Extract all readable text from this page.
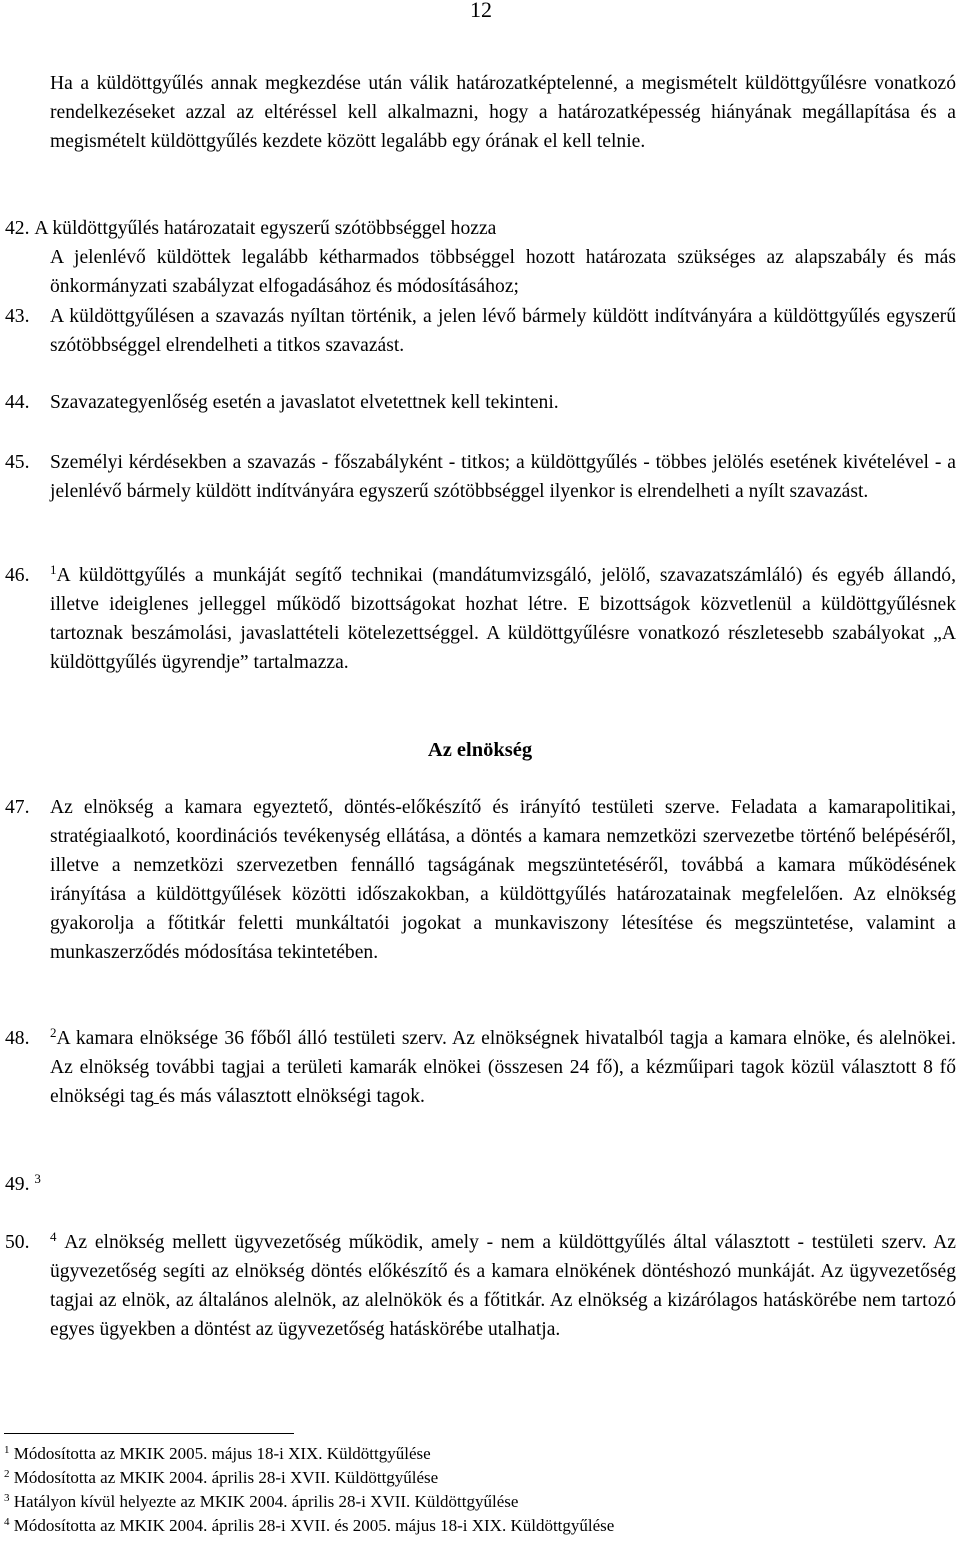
12
Ha a küldöttgyűlés annak megkezdése után válik határozatképtelenné, a megismételt küldöttgyűlésre vonatkozó rendelkezéseket azzal az eltéréssel kell alkalmazni, hogy a határozatképesség hiányának megállapítása és a megismételt küldöttgyűlés kezdete között legalább egy órának el kell telnie.
42. A küldöttgyűlés határozatait egyszerű szótöbbséggel hozza
A jelenlévő küldöttek legalább kétharmados többséggel hozott határozata szükséges az alapszabály és más önkormányzati szabályzat elfogadásához és módosításához;
43. A küldöttgyűlésen a szavazás nyíltan történik, a jelen lévő bármely küldött indítványára a küldöttgyűlés egyszerű szótöbbséggel elrendelheti a titkos szavazást.
44. Szavazategyenlőség esetén a javaslatot elvetettnek kell tekinteni.
45. Személyi kérdésekben a szavazás - főszabályként - titkos; a küldöttgyűlés - többes jelölés esetének kivételével - a jelenlévő bármely küldött indítványára egyszerű szótöbbséggel ilyenkor is elrendelheti a nyílt szavazást.
46. $^1$A küldöttgyűlés a munkáját segítő technikai (mandátumvizsgáló, jelölő, szavazatszámláló) és egyéb állandó, illetve ideiglenes jelleggel működő bizottságokat hozhat létre. E bizottságok közvetlenül a küldöttgyűlésnek tartoznak beszámolási, javaslattételi kötelezettséggel. A küldöttgyűlésre vonatkozó részletesebb szabályokat „A küldöttgyűlés ügyrendje” tartalmazza.
Az elnökség
47. Az elnökség a kamara egyeztető, döntés-előkészítő és irányító testületi szerve. Feladata a kamarapolitikai, stratégiaalkotó, koordinációs tevékenység ellátása, a döntés a kamara nemzetközi szervezetbe történő belépéséről, illetve a nemzetközi szervezetben fennálló tagságának megszüntetéséről, továbbá a kamara működésének irányítása a küldöttgyűlések közötti időszakokban, a küldöttgyűlés határozatainak megfelelően. Az elnökség gyakorolja a főtitkár feletti munkáltatói jogokat a munkaviszony létesítése és megszüntetése, valamint a munkaszerződés módosítása tekintetében.
48. $^2$A kamara elnöksége 36 főből álló testületi szerv. Az elnökségnek hivatalból tagja a kamara elnöke, és alelnökei. Az elnökség további tagjai a területi kamarák elnökei (összesen 24 fő), a kézműipari tagok közül választott 8 fő elnökségi tag és más választott elnökségi tagok.
49. $^3$
50. $^4$ Az elnökség mellett ügyvezetőség működik, amely - nem a küldöttgyűlés által választott - testületi szerv. Az ügyvezetőség segíti az elnökség döntés előkészítő és a kamara elnökének döntéshozó munkáját. Az ügyvezetőség tagjai az elnök, az általános alelnök, az alelnökök és a főtitkár. Az elnökség a kizárólagos hatáskörébe nem tartozó egyes ügyekben a döntést az ügyvezetőség hatáskörébe utalhatja.
$^1$ Módosította az MKIK 2005. május 18-i XIX. Küldöttgyűlése
$^2$ Módosította az MKIK 2004. április 28-i XVII. Küldöttgyűlése
$^3$ Hatályon kívül helyezte az MKIK 2004. április 28-i XVII. Küldöttgyűlése
$^4$ Módosította az MKIK 2004. április 28-i XVII. és 2005. május 18-i XIX. Küldöttgyűlése
